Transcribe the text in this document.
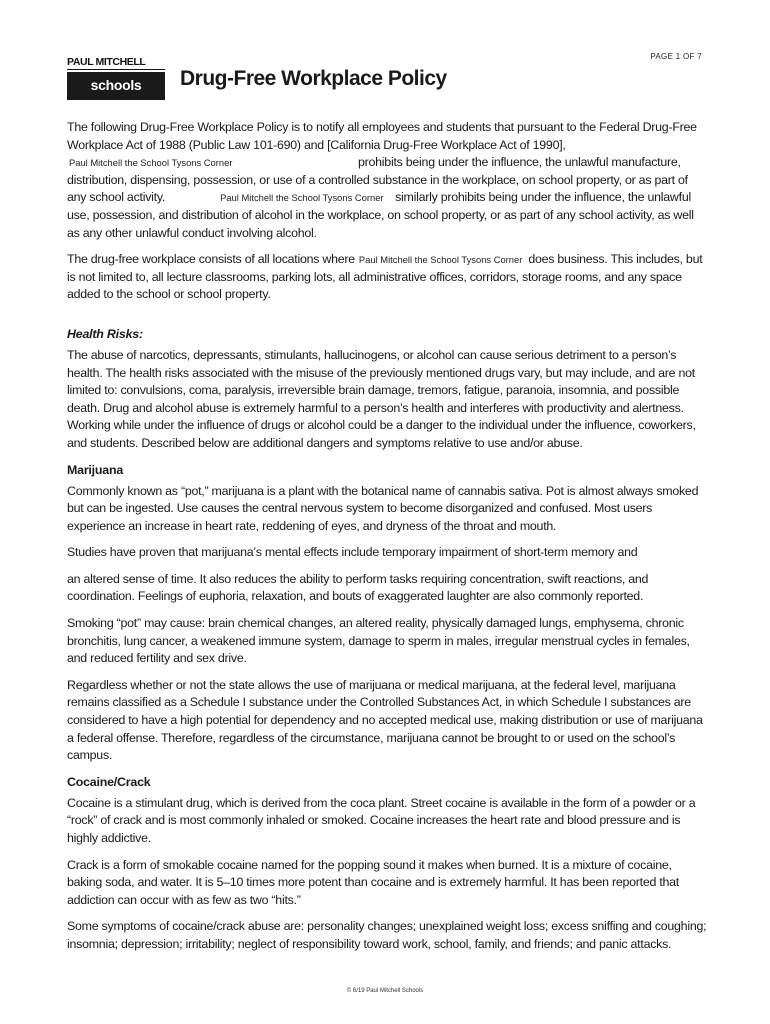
PAGE 1 OF 7
PAUL MITCHELL
schools	Drug-Free Workplace Policy

The following Drug-Free Workplace Policy is to notify all employees and students that pursuant to the Federal Drug-Free Workplace Act of 1988 (Public Law 101-690) and [California Drug-Free Workplace Act of 1990],
Paul Mitchell the School Tysons Corner	prohibits being under the influence, the unlawful manufacture, distribution, dispensing, possession, or use of a controlled substance in the workplace, on school property, or as part of any school activity.	Paul Mitchell the School Tysons Corner similarly prohibits being under the influence, the unlawful use, possession, and distribution of alcohol in the workplace, on school property, or as part of any school activity, as well as any other unlawful conduct involving alcohol.

The drug-free workplace consists of all locations where Paul Mitchell the School Tysons Corner does business. This includes, but is not limited to, all lecture classrooms, parking lots, all administrative offices, corridors, storage rooms, and any space added to the school or school property.

Health Risks:

The abuse of narcotics, depressants, stimulants, hallucinogens, or alcohol can cause serious detriment to a person’s health. The health risks associated with the misuse of the previously mentioned drugs vary, but may include, and are not limited to: convulsions, coma, paralysis, irreversible brain damage, tremors, fatigue, paranoia, insomnia, and possible death. Drug and alcohol abuse is extremely harmful to a person’s health and interferes with productivity and alertness. Working while under the influence of drugs or alcohol could be a danger to the individual under the influence, coworkers, and students. Described below are additional dangers and symptoms relative to use and/or abuse.

Marijuana

Commonly known as “pot,” marijuana is a plant with the botanical name of cannabis sativa. Pot is almost always smoked but can be ingested. Use causes the central nervous system to become disorganized and confused. Most users experience an increase in heart rate, reddening of eyes, and dryness of the throat and mouth.

Studies have proven that marijuana’s mental effects include temporary impairment of short-term memory and

an altered sense of time. It also reduces the ability to perform tasks requiring concentration, swift reactions, and coordination. Feelings of euphoria, relaxation, and bouts of exaggerated laughter are also commonly reported.

Smoking “pot” may cause: brain chemical changes, an altered reality, physically damaged lungs, emphysema, chronic bronchitis, lung cancer, a weakened immune system, damage to sperm in males, irregular menstrual cycles in females, and reduced fertility and sex drive.

Regardless whether or not the state allows the use of marijuana or medical marijuana, at the federal level, marijuana remains classified as a Schedule I substance under the Controlled Substances Act, in which Schedule I substances are considered to have a high potential for dependency and no accepted medical use, making distribution or use of marijuana a federal offense. Therefore, regardless of the circumstance, marijuana cannot be brought to or used on the school’s campus.

Cocaine/Crack

Cocaine is a stimulant drug, which is derived from the coca plant. Street cocaine is available in the form of a powder or a “rock” of crack and is most commonly inhaled or smoked. Cocaine increases the heart rate and blood pressure and is highly addictive.

Crack is a form of smokable cocaine named for the popping sound it makes when burned. It is a mixture of cocaine, baking soda, and water. It is 5–10 times more potent than cocaine and is extremely harmful. It has been reported that addiction can occur with as few as two “hits.”

Some symptoms of cocaine/crack abuse are: personality changes; unexplained weight loss; excess sniffing and coughing; insomnia; depression; irritability; neglect of responsibility toward work, school, family, and friends; and panic attacks.

© 6/19 Paul Mitchell Schools
